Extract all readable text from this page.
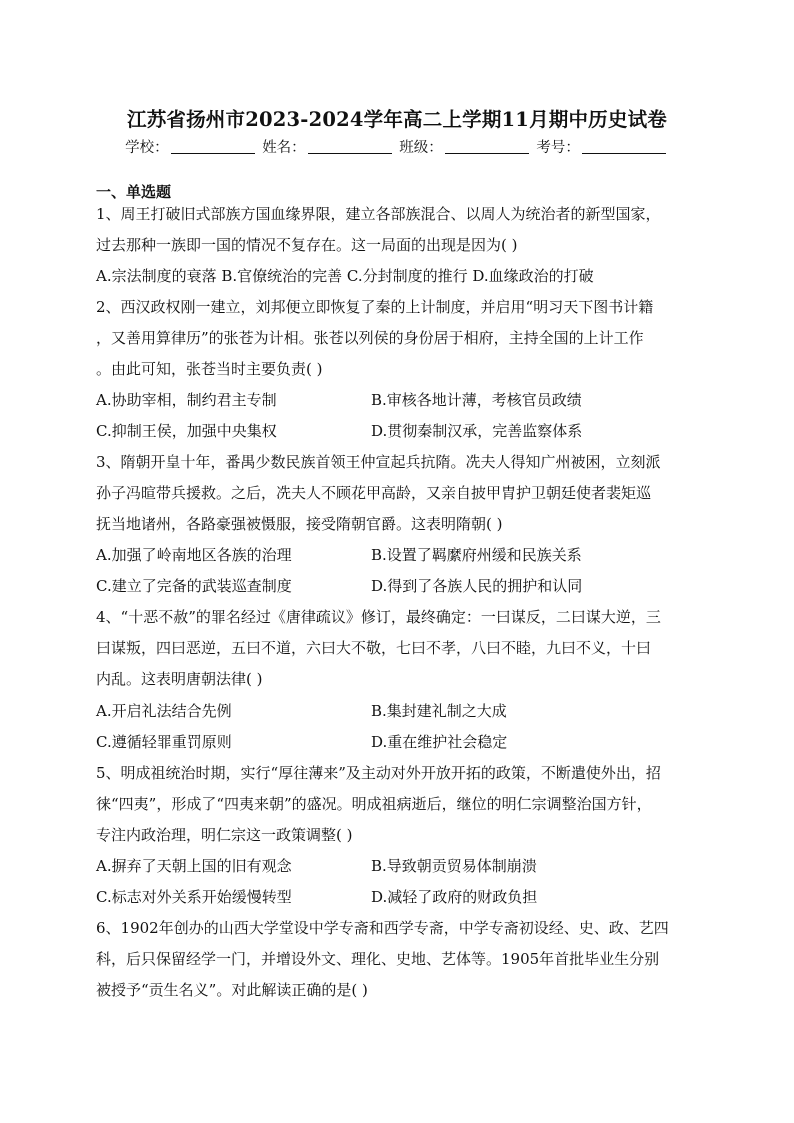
江苏省扬州市2023-2024学年高二上学期11月期中历史试卷
学校：	姓名：	班级：	考号：
一、单选题
1、周王打破旧式部族方国血缘界限，建立各部族混合、以周人为统治者的新型国家，
过去那种一族即一国的情况不复存在。这一局面的出现是因为( )
A.宗法制度的衰落 B.官僚统治的完善 C.分封制度的推行 D.血缘政治的打破
2、西汉政权刚一建立，刘邦便立即恢复了秦的上计制度，并启用“明习天下图书计籍
，又善用算律历”的张苍为计相。张苍以列侯的身份居于相府，主持全国的上计工作
。由此可知，张苍当时主要负责( )
A.协助宰相，制约君主专制	B.审核各地计薄，考核官员政绩
C.抑制王侯，加强中央集权	D.贯彻秦制汉承，完善监察体系
3、隋朝开皇十年，番禺少数民族首领王仲宣起兵抗隋。冼夫人得知广州被困，立刻派
孙子冯暄带兵援救。之后，冼夫人不顾花甲高龄，又亲自披甲胄护卫朝廷使者裴矩巡
抚当地诸州，各路豪强被慑服，接受隋朝官爵。这表明隋朝( )
A.加强了岭南地区各族的治理	B.设置了羁縻府州缓和民族关系
C.建立了完备的武装巡查制度	D.得到了各族人民的拥护和认同
4、“十恶不赦”的罪名经过《唐律疏议》修订，最终确定：一曰谋反，二曰谋大逆，三
曰谋叛，四曰恶逆，五曰不道，六曰大不敬，七曰不孝，八曰不睦，九曰不义，十曰
内乱。这表明唐朝法律( )
A.开启礼法结合先例	B.集封建礼制之大成
C.遵循轻罪重罚原则	D.重在维护社会稳定
5、明成祖统治时期，实行“厚往薄来”及主动对外开放开拓的政策，不断遣使外出，招
徕“四夷”，形成了“四夷来朝”的盛况。明成祖病逝后，继位的明仁宗调整治国方针，
专注内政治理，明仁宗这一政策调整( )
A.摒弃了天朝上国的旧有观念	B.导致朝贡贸易体制崩溃
C.标志对外关系开始缓慢转型	D.减轻了政府的财政负担
6、1902年创办的山西大学堂设中学专斋和西学专斋，中学专斋初设经、史、政、艺四
科，后只保留经学一门，并增设外文、理化、史地、艺体等。1905年首批毕业生分别
被授予“贡生名义”。对此解读正确的是( )
